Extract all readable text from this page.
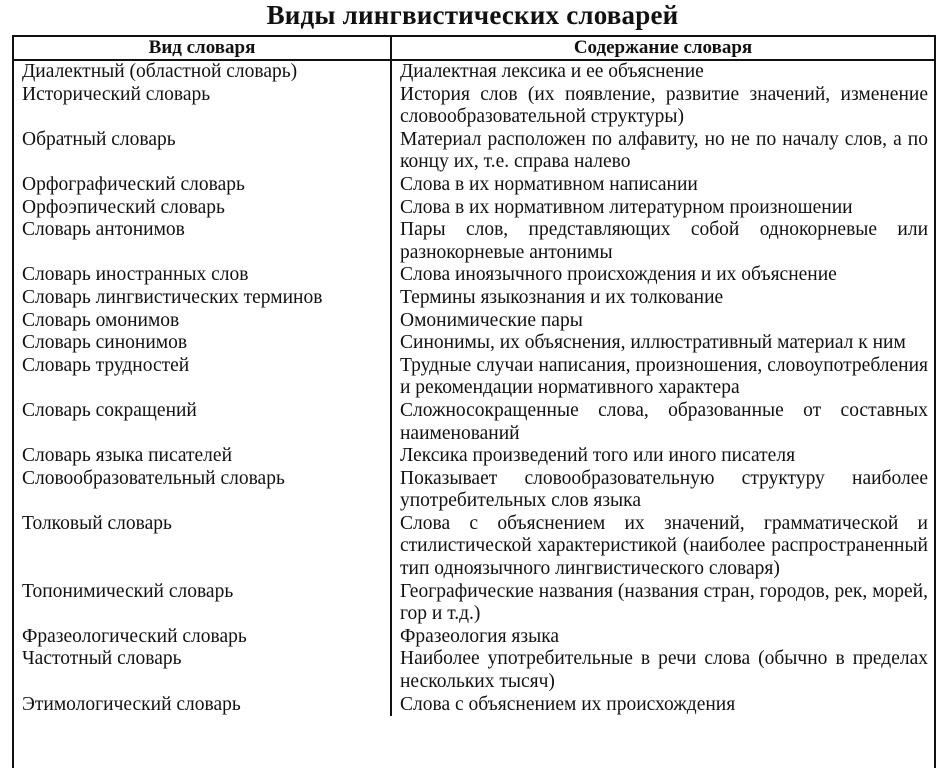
Виды лингвистических словарей
Вид словаря	Содержание словаря
Диалектный (областной словарь)	Диалектная лексика и ее объяснение
Исторический словарь	История слов (их появление, развитие значений, изменение словообразовательной структуры)
Обратный словарь	Материал расположен по алфавиту, но не по началу слов, а по концу их, т.е. справа налево
Орфографический словарь	Слова в их нормативном написании
Орфоэпический словарь	Слова в их нормативном литературном произношении
Словарь антонимов	Пары слов, представляющих собой однокорневые или разнокорневые антонимы
Словарь иностранных слов	Слова иноязычного происхождения и их объяснение
Словарь лингвистических терминов	Термины языкознания и их толкование
Словарь омонимов	Омонимические пары
Словарь синонимов	Синонимы, их объяснения, иллюстративный материал к ним
Словарь трудностей	Трудные случаи написания, произношения, словоупотребления и рекомендации нормативного характера
Словарь сокращений	Сложносокращенные слова, образованные от составных наименований
Словарь языка писателей	Лексика произведений того или иного писателя
Словообразовательный словарь	Показывает словообразовательную структуру наиболее употребительных слов языка
Толковый словарь	Слова с объяснением их значений, грамматической и стилистической характеристикой (наиболее распространенный тип одноязычного лингвистического словаря)
Топонимический словарь	Географические названия (названия стран, городов, рек, морей, гор и т.д.)
Фразеологический словарь	Фразеология языка
Частотный словарь	Наиболее употребительные в речи слова (обычно в пределах нескольких тысяч)
Этимологический словарь	Слова с объяснением их происхождения
